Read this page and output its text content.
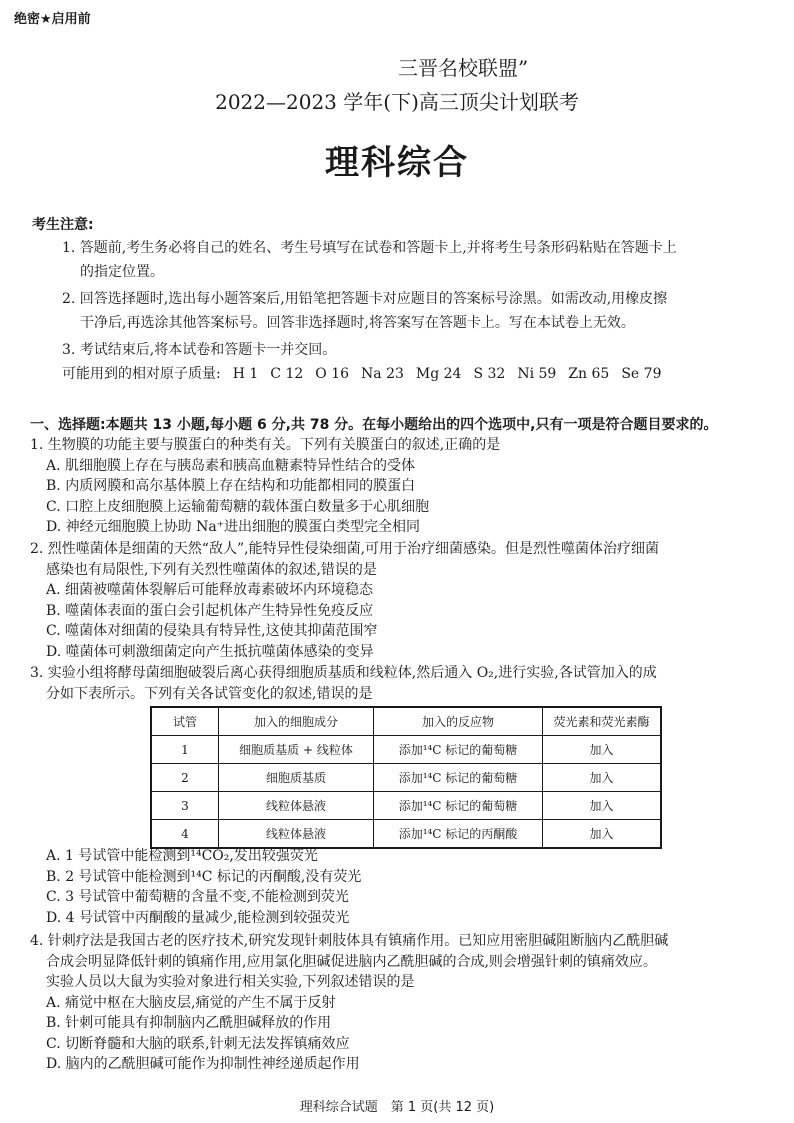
绝密★启用前
三晋名校联盟”
2022—2023 学年(下)高三顶尖计划联考
理科综合
考生注意:
1. 答题前,考生务必将自己的姓名、考生号填写在试卷和答题卡上,并将考生号条形码粘贴在答题卡上
的指定位置。
2. 回答选择题时,选出每小题答案后,用铅笔把答题卡对应题目的答案标号涂黑。如需改动,用橡皮擦
干净后,再选涂其他答案标号。回答非选择题时,将答案写在答题卡上。写在本试卷上无效。
3. 考试结束后,将本试卷和答题卡一并交回。
可能用到的相对原子质量: H 1 C 12 O 16 Na 23 Mg 24 S 32 Ni 59 Zn 65 Se 79
一、选择题:本题共 13 小题,每小题 6 分,共 78 分。在每小题给出的四个选项中,只有一项是符合题目要求的。
1. 生物膜的功能主要与膜蛋白的种类有关。下列有关膜蛋白的叙述,正确的是
A. 肌细胞膜上存在与胰岛素和胰高血糖素特异性结合的受体
B. 内质网膜和高尔基体膜上存在结构和功能都相同的膜蛋白
C. 口腔上皮细胞膜上运输葡萄糖的载体蛋白数量多于心肌细胞
D. 神经元细胞膜上协助 Na⁺进出细胞的膜蛋白类型完全相同
2. 烈性噬菌体是细菌的天然“敌人”,能特异性侵染细菌,可用于治疗细菌感染。但是烈性噬菌体治疗细菌
感染也有局限性,下列有关烈性噬菌体的叙述,错误的是
A. 细菌被噬菌体裂解后可能释放毒素破坏内环境稳态
B. 噬菌体表面的蛋白会引起机体产生特异性免疫反应
C. 噬菌体对细菌的侵染具有特异性,这使其抑菌范围窄
D. 噬菌体可刺激细菌定向产生抵抗噬菌体感染的变异
3. 实验小组将酵母菌细胞破裂后离心获得细胞质基质和线粒体,然后通入 O₂,进行实验,各试管加入的成
分如下表所示。下列有关各试管变化的叙述,错误的是
试管	加入的细胞成分	加入的反应物	荧光素和荧光素酶
1	细胞质基质 + 线粒体	添加¹⁴C 标记的葡萄糖	加入
2	细胞质基质	添加¹⁴C 标记的葡萄糖	加入
3	线粒体悬液	添加¹⁴C 标记的葡萄糖	加入
4	线粒体悬液	添加¹⁴C 标记的丙酮酸	加入
A. 1 号试管中能检测到¹⁴CO₂,发出较强荧光
B. 2 号试管中能检测到¹⁴C 标记的丙酮酸,没有荧光
C. 3 号试管中葡萄糖的含量不变,不能检测到荧光
D. 4 号试管中丙酮酸的量减少,能检测到较强荧光
4. 针刺疗法是我国古老的医疗技术,研究发现针刺肢体具有镇痛作用。已知应用密胆碱阻断脑内乙酰胆碱
合成会明显降低针刺的镇痛作用,应用氯化胆碱促进脑内乙酰胆碱的合成,则会增强针刺的镇痛效应。
实验人员以大鼠为实验对象进行相关实验,下列叙述错误的是
A. 痛觉中枢在大脑皮层,痛觉的产生不属于反射
B. 针刺可能具有抑制脑内乙酰胆碱释放的作用
C. 切断脊髓和大脑的联系,针刺无法发挥镇痛效应
D. 脑内的乙酰胆碱可能作为抑制性神经递质起作用
理科综合试题　第 1 页(共 12 页)
